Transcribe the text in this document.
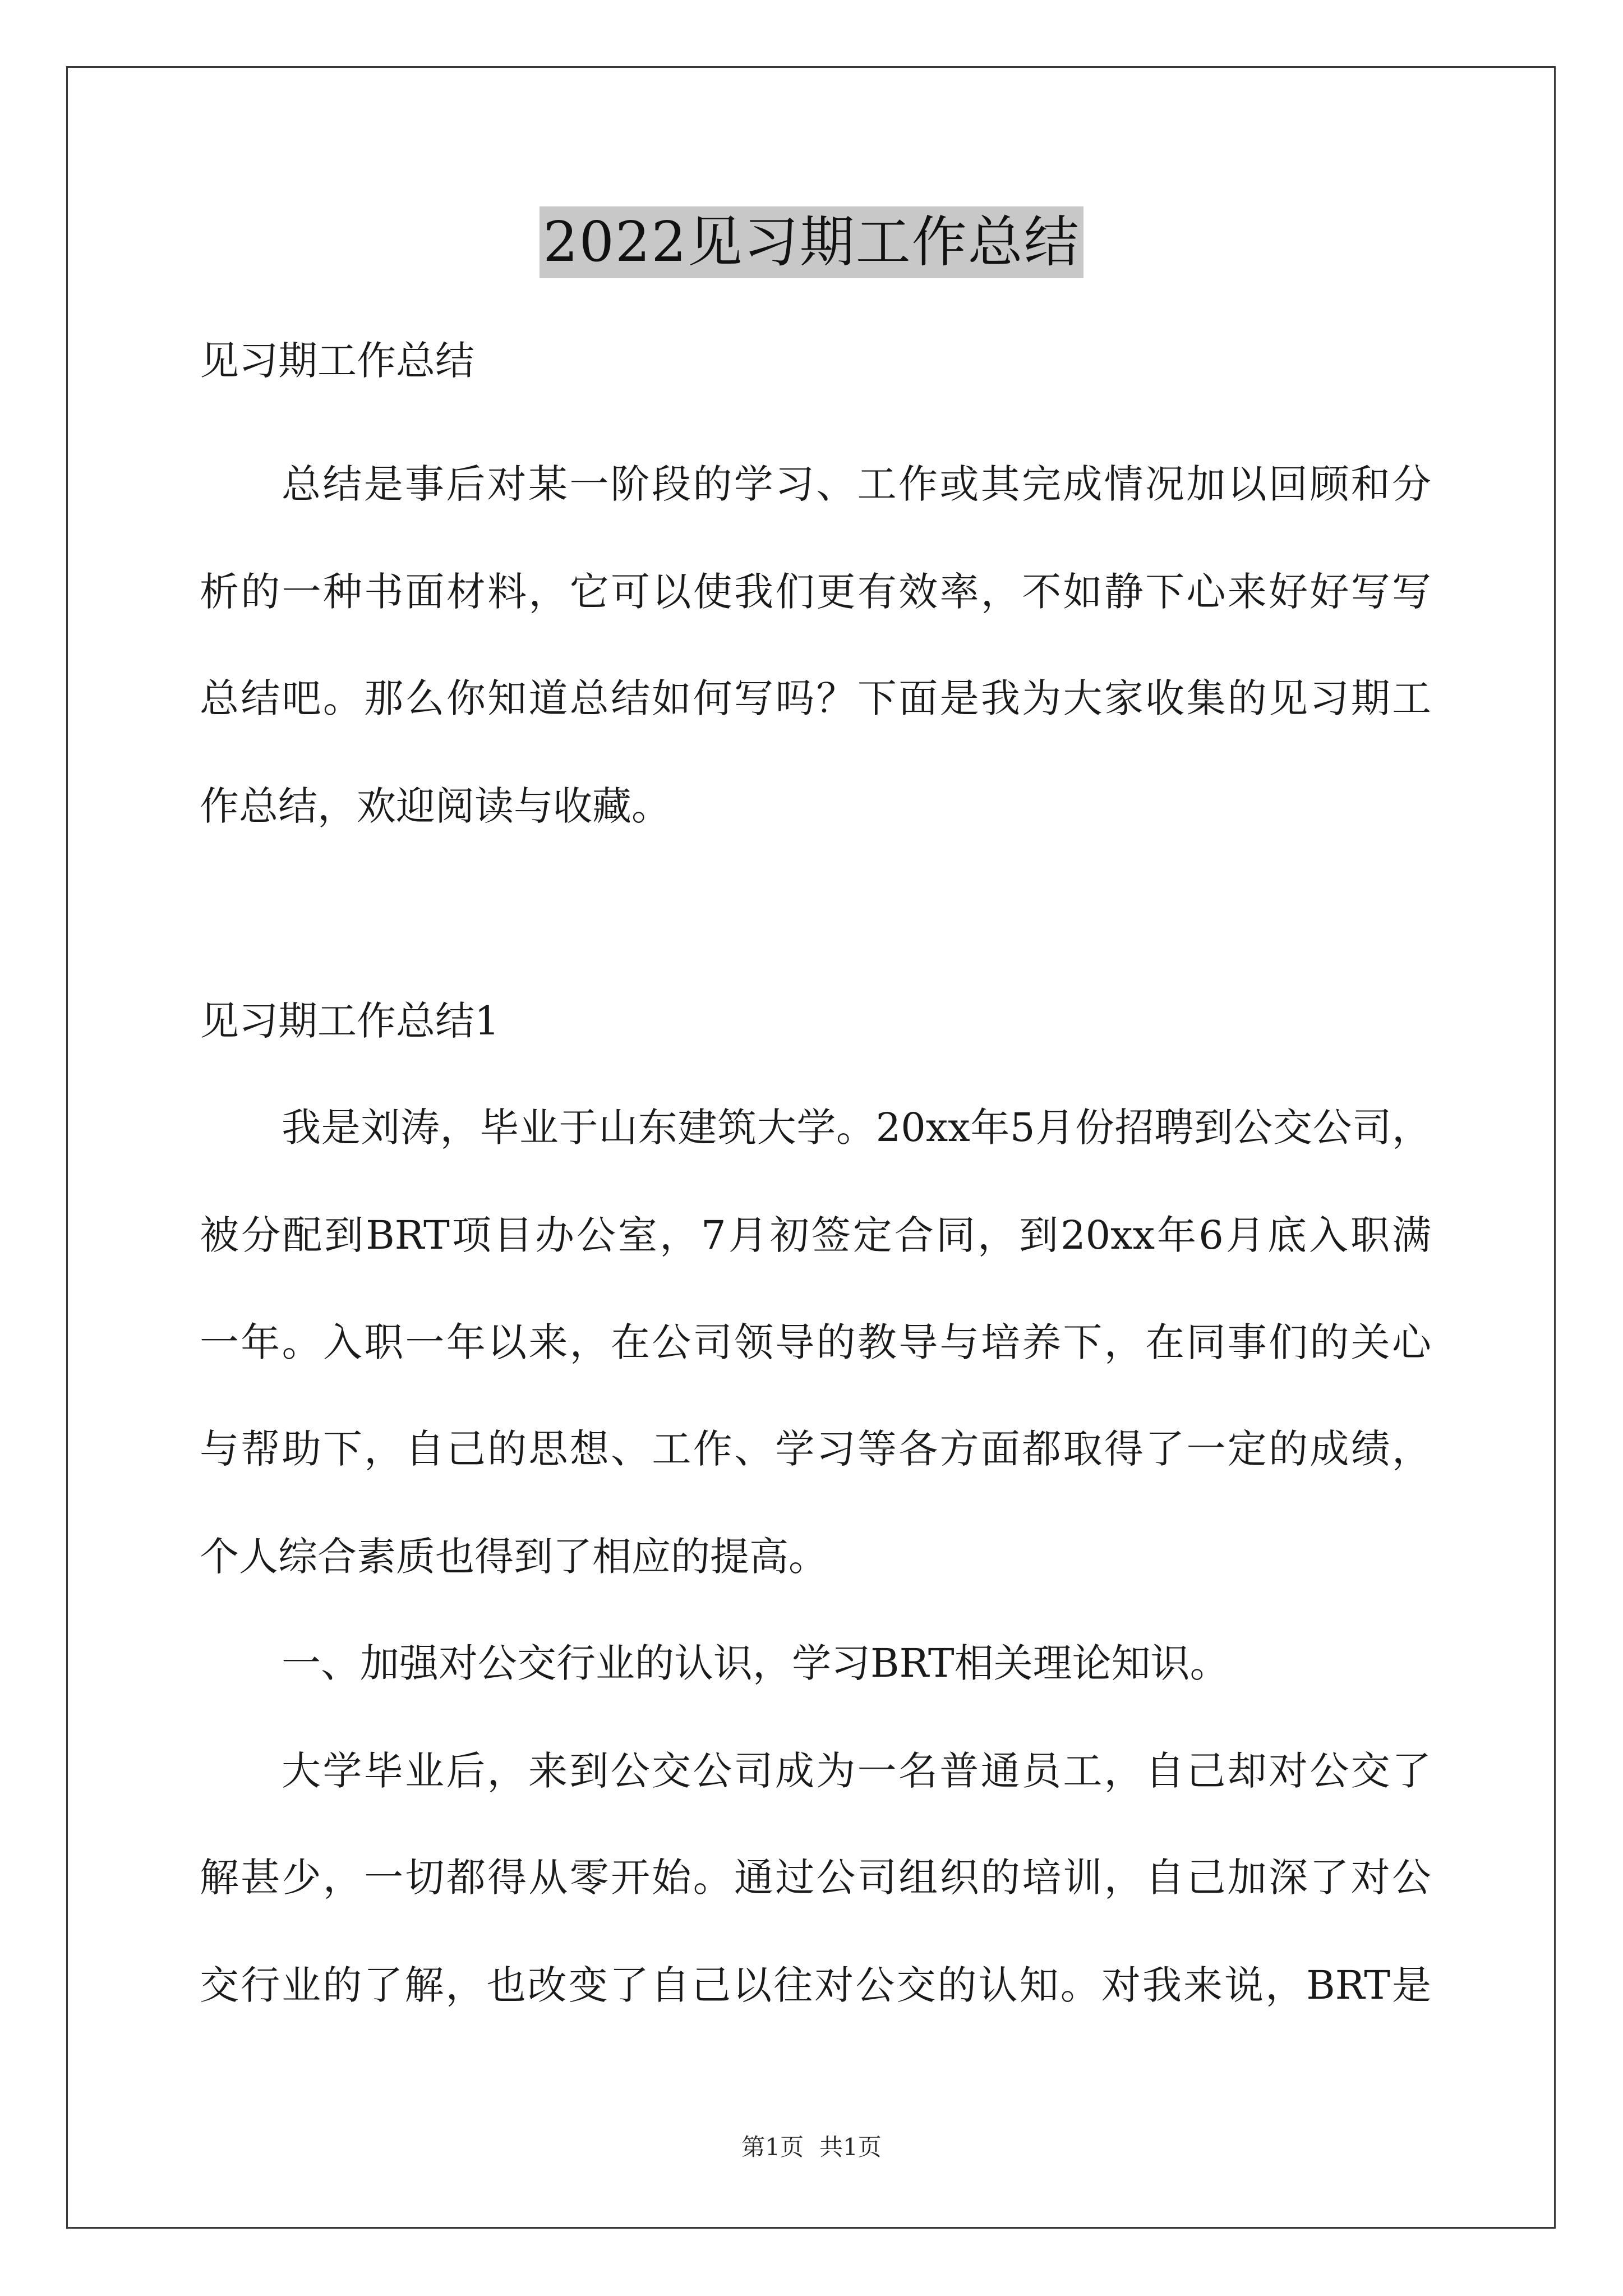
2022见习期工作总结
见习期工作总结
总结是事后对某一阶段的学习、工作或其完成情况加以回顾和分
析的一种书面材料，它可以使我们更有效率，不如静下心来好好写写
总结吧。那么你知道总结如何写吗？下面是我为大家收集的见习期工
作总结，欢迎阅读与收藏。
见习期工作总结1
我是刘涛，毕业于山东建筑大学。20xx年5月份招聘到公交公司，
被分配到BRT项目办公室，7月初签定合同，到20xx年6月底入职满
一年。入职一年以来，在公司领导的教导与培养下，在同事们的关心
与帮助下，自己的思想、工作、学习等各方面都取得了一定的成绩，
个人综合素质也得到了相应的提高。
一、加强对公交行业的认识，学习BRT相关理论知识。
大学毕业后，来到公交公司成为一名普通员工，自己却对公交了
解甚少，一切都得从零开始。通过公司组织的培训，自己加深了对公
交行业的了解，也改变了自己以往对公交的认知。对我来说，BRT是
第1页 共1页
